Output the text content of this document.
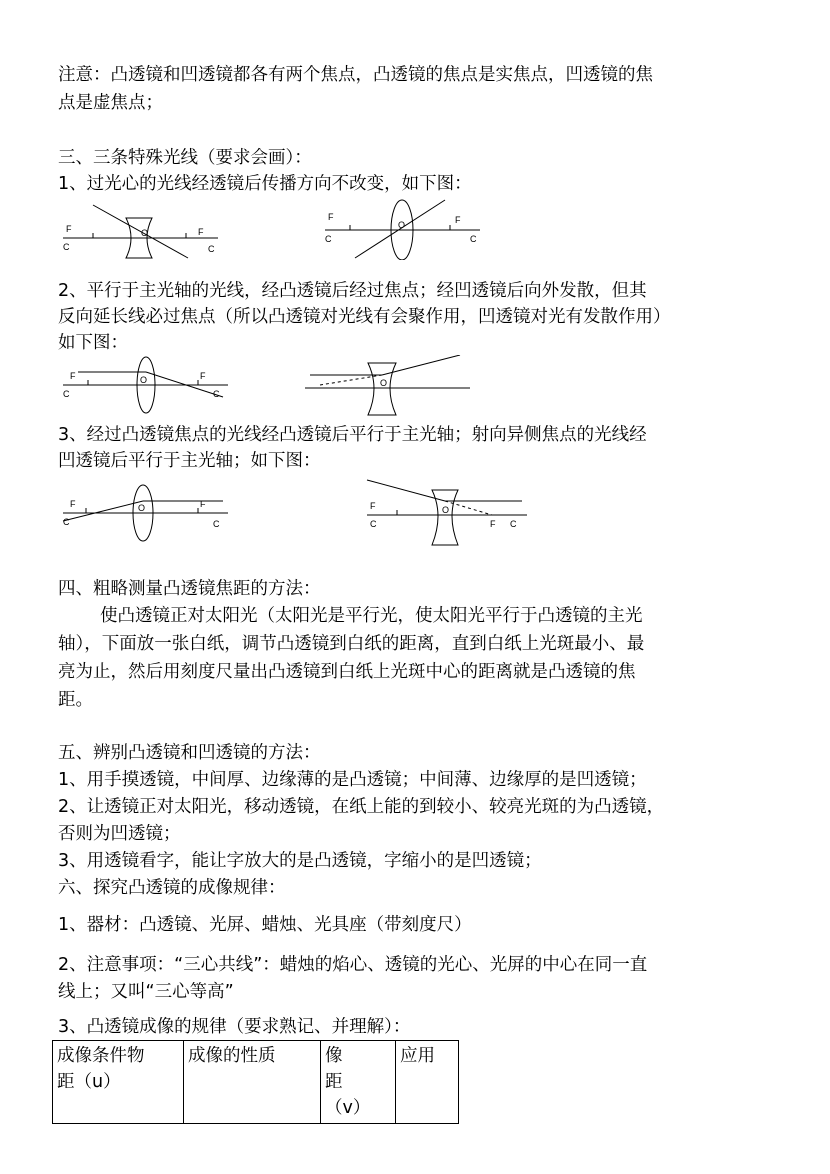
注意：凸透镜和凹透镜都各有两个焦点，凸透镜的焦点是实焦点，凹透镜的焦
点是虚焦点；
三、三条特殊光线（要求会画）：
1、过光心的光线经透镜后传播方向不改变，如下图：
F
C
O	F
C
F
C
O	F
C
2、平行于主光轴的光线，经凸透镜后经过焦点；经凹透镜后向外发散，但其
反向延长线必过焦点（所以凸透镜对光线有会聚作用，凹透镜对光有发散作用）
如下图：
F
C
O	F
C
O
3、经过凸透镜焦点的光线经凸透镜后平行于主光轴；射向异侧焦点的光线经
凹透镜后平行于主光轴；如下图：
F
C
O	F
C
F
C
O
F C
四、粗略测量凸透镜焦距的方法：
使凸透镜正对太阳光（太阳光是平行光，使太阳光平行于凸透镜的主光
轴），下面放一张白纸，调节凸透镜到白纸的距离，直到白纸上光斑最小、最
亮为止，然后用刻度尺量出凸透镜到白纸上光斑中心的距离就是凸透镜的焦
距。
五、辨别凸透镜和凹透镜的方法：
1、用手摸透镜，中间厚、边缘薄的是凸透镜；中间薄、边缘厚的是凹透镜；
2、让透镜正对太阳光，移动透镜，在纸上能的到较小、较亮光斑的为凸透镜，
否则为凹透镜；
3、用透镜看字，能让字放大的是凸透镜，字缩小的是凹透镜；
六、探究凸透镜的成像规律：
1、器材：凸透镜、光屏、蜡烛、光具座（带刻度尺）
2、注意事项：“三心共线”：蜡烛的焰心、透镜的光心、光屏的中心在同一直
线上；又叫“三心等高”
3、凸透镜成像的规律（要求熟记、并理解）：
成像条件物
距（u）
	成像的性质	像　　距
（v）
	应用
